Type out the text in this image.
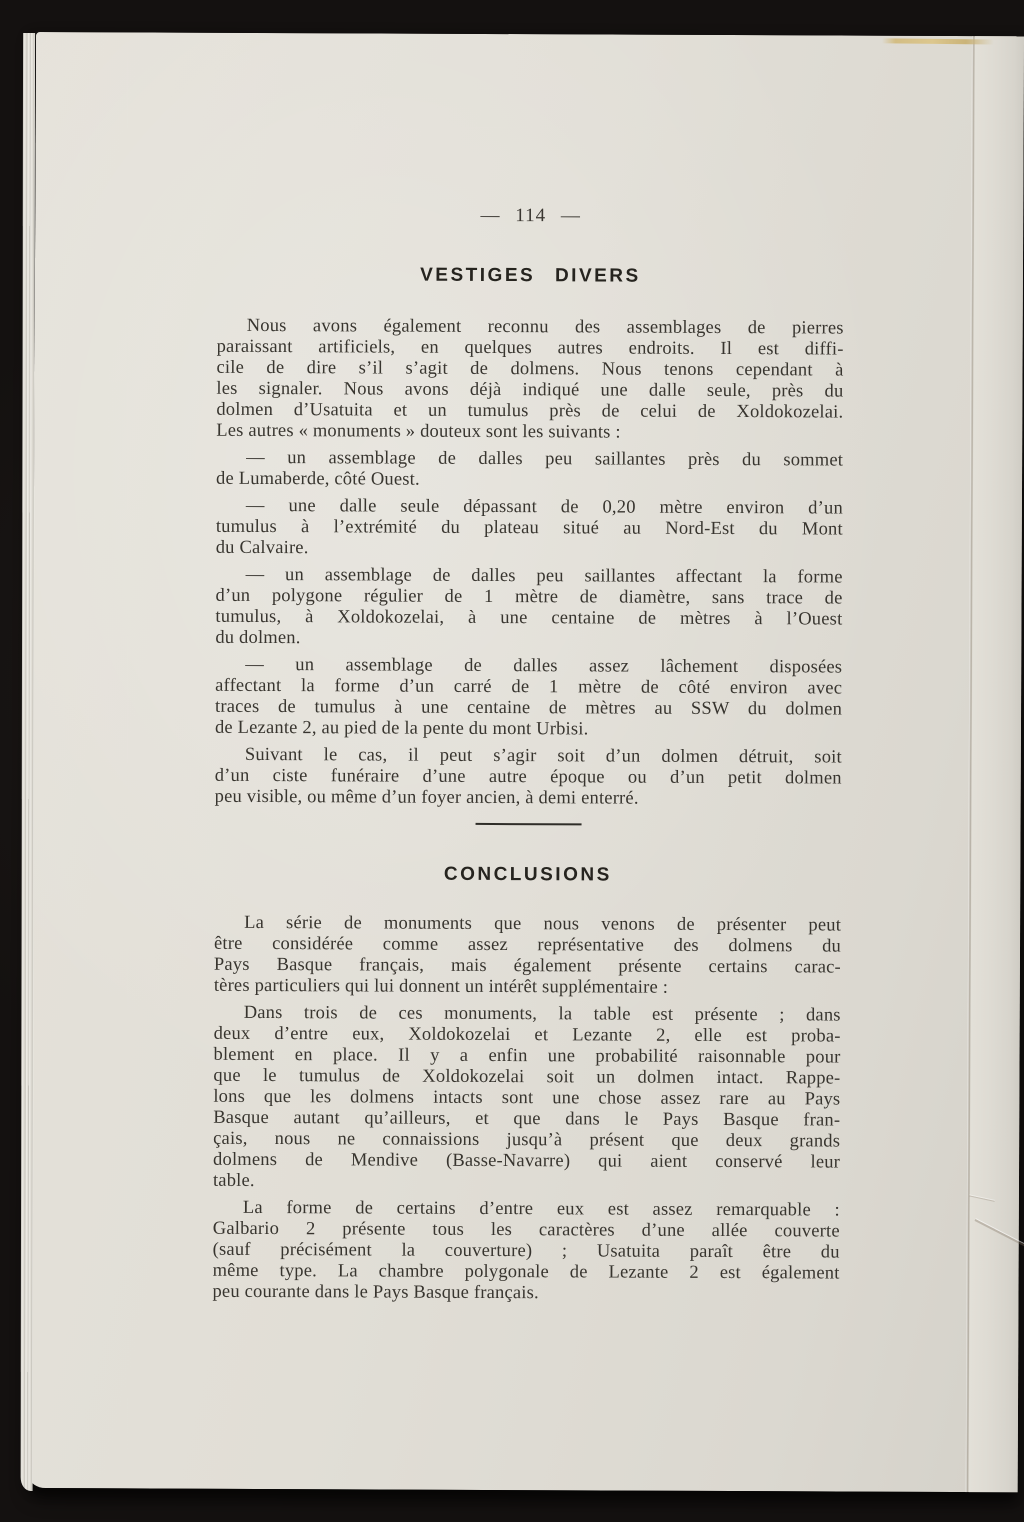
— 114 —
VESTIGES DIVERS
Nous avons également reconnu des assemblages de pierres
paraissant artificiels, en quelques autres endroits. Il est diffi-
cile de dire s’il s’agit de dolmens. Nous tenons cependant à
les signaler. Nous avons déjà indiqué une dalle seule, près du
dolmen d’Usatuita et un tumulus près de celui de Xoldokozelai.
Les autres « monuments » douteux sont les suivants :
— un assemblage de dalles peu saillantes près du sommet
de Lumaberde, côté Ouest.
— une dalle seule dépassant de 0,20 mètre environ d’un
tumulus à l’extrémité du plateau situé au Nord-Est du Mont
du Calvaire.
— un assemblage de dalles peu saillantes affectant la forme
d’un polygone régulier de 1 mètre de diamètre, sans trace de
tumulus, à Xoldokozelai, à une centaine de mètres à l’Ouest
du dolmen.
— un assemblage de dalles assez lâchement disposées
affectant la forme d’un carré de 1 mètre de côté environ avec
traces de tumulus à une centaine de mètres au SSW du dolmen
de Lezante 2, au pied de la pente du mont Urbisi.
Suivant le cas, il peut s’agir soit d’un dolmen détruit, soit
d’un ciste funéraire d’une autre époque ou d’un petit dolmen
peu visible, ou même d’un foyer ancien, à demi enterré.
CONCLUSIONS
La série de monuments que nous venons de présenter peut
être considérée comme assez représentative des dolmens du
Pays Basque français, mais également présente certains carac-
tères particuliers qui lui donnent un intérêt supplémentaire :
Dans trois de ces monuments, la table est présente ; dans
deux d’entre eux, Xoldokozelai et Lezante 2, elle est proba-
blement en place. Il y a enfin une probabilité raisonnable pour
que le tumulus de Xoldokozelai soit un dolmen intact. Rappe-
lons que les dolmens intacts sont une chose assez rare au Pays
Basque autant qu’ailleurs, et que dans le Pays Basque fran-
çais, nous ne connaissions jusqu’à présent que deux grands
dolmens de Mendive (Basse-Navarre) qui aient conservé leur
table.
La forme de certains d’entre eux est assez remarquable :
Galbario 2 présente tous les caractères d’une allée couverte
(sauf précisément la couverture) ; Usatuita paraît être du
même type. La chambre polygonale de Lezante 2 est également
peu courante dans le Pays Basque français.
